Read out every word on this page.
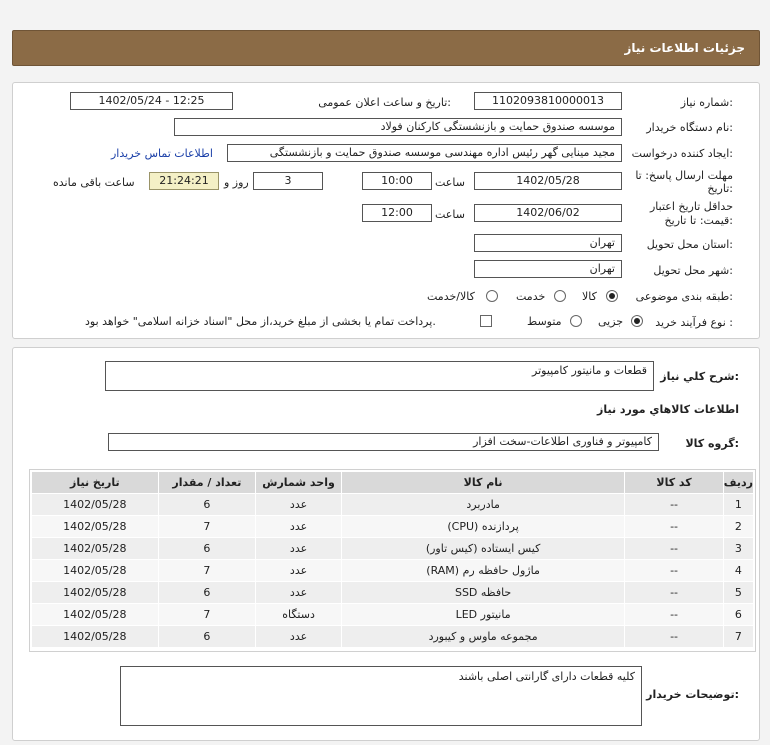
جزئیات اطلاعات نیاز
شماره نیاز:
1102093810000013
تاریخ و ساعت اعلان عمومی:
1402/05/24 - 12:25
نام دستگاه خریدار:
موسسه صندوق حمایت و بازنشستگی کارکنان فولاد
ایجاد کننده درخواست:
مجید مینایی گهر رئیس اداره مهندسی موسسه صندوق حمایت و بازنشستگی
اطلاعات تماس خریدار
مهلت ارسال پاسخ: تا
تاریخ:
1402/05/28
ساعت
10:00
3
روز و
21:24:21
ساعت باقی مانده
حداقل تاریخ اعتبار
قیمت: تا تاریخ:
1402/06/02
ساعت
12:00
استان محل تحویل:
تهران
شهر محل تحویل:
تهران
طبقه بندی موضوعی:
کالا
خدمت
کالا/خدمت
نوع فرآیند خرید :
جزیی
متوسط
پرداخت تمام یا بخشی از مبلغ خرید،از محل "اسناد خزانه اسلامی" خواهد بود.
شرح كلي نياز:
قطعات و مانیتور کامپیوتر
اطلاعات کالاهاي مورد نياز
گروه کالا:
کامپیوتر و فناوری اطلاعات-سخت افزار
ردیف	کد کالا	نام کالا	واحد شمارش	تعداد / مقدار	تاریخ نیاز
1	--	مادربرد	عدد	6	1402/05/28
2	--	پردازنده (CPU)	عدد	7	1402/05/28
3	--	کیس ایستاده (کیس تاور)	عدد	6	1402/05/28
4	--	ماژول حافظه رم (RAM)	عدد	7	1402/05/28
5	--	حافظه SSD	عدد	6	1402/05/28
6	--	مانیتور LED	دستگاه	7	1402/05/28
7	--	مجموعه ماوس و کیبورد	عدد	6	1402/05/28
توضیحات خریدار:
کلیه قطعات دارای گارانتی اصلی باشند
